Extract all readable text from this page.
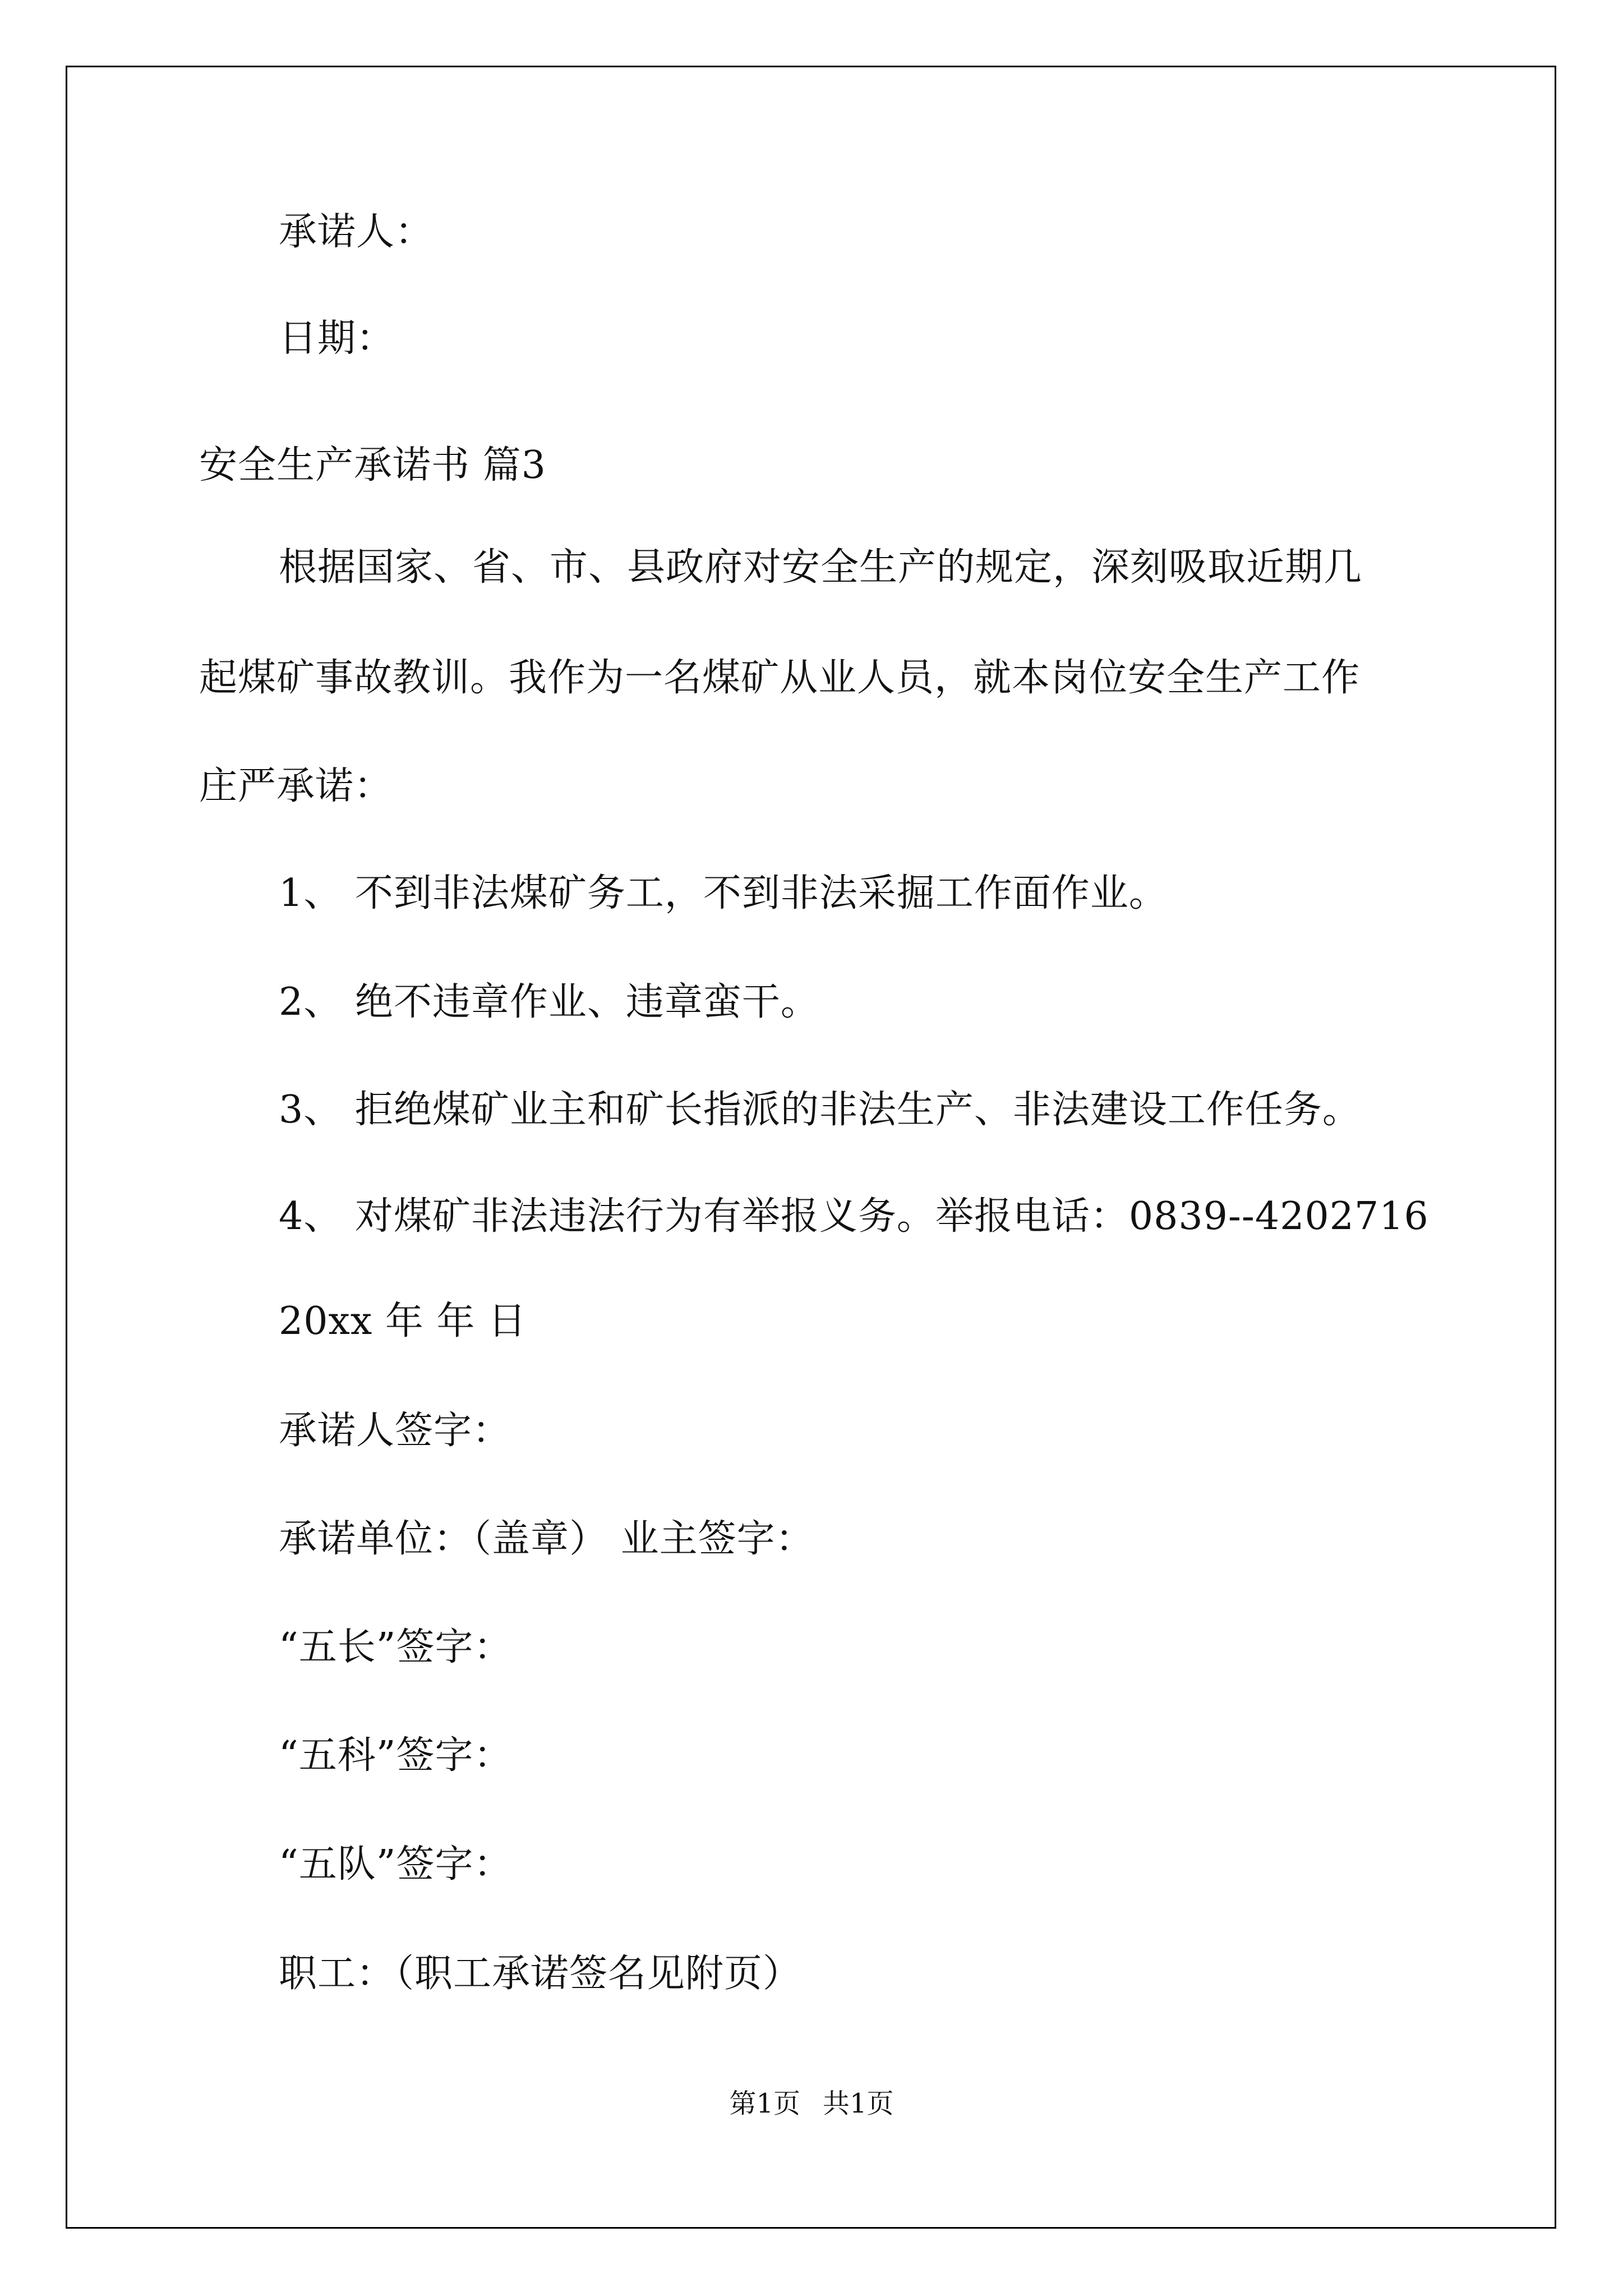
承诺人：
日期：
安全生产承诺书 篇3
根据国家、省、市、县政府对安全生产的规定，深刻吸取近期几
起煤矿事故教训。我作为一名煤矿从业人员，就本岗位安全生产工作
庄严承诺：
1、 不到非法煤矿务工，不到非法采掘工作面作业。
2、 绝不违章作业、违章蛮干。
3、 拒绝煤矿业主和矿长指派的非法生产、非法建设工作任务。
4、 对煤矿非法违法行为有举报义务。举报电话：0839--4202716
20xx 年 年 日
承诺人签字：
承诺单位：（盖章） 业主签字：
“五长”签字：
“五科”签字：
“五队”签字：
职工：（职工承诺签名见附页）
第1页 共1页
